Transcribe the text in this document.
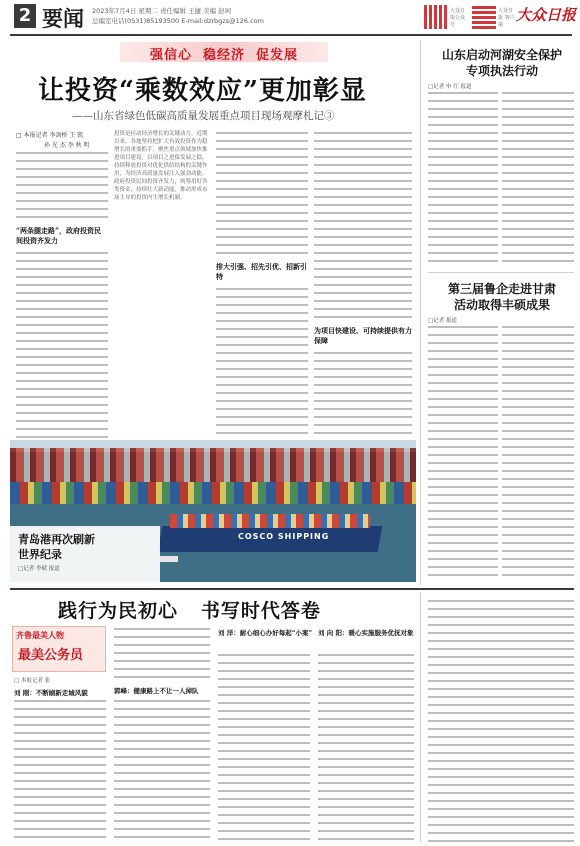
2 要闻 2023年7月4日 星期二 责任编辑 王捷 美编 赵珂
总编室电话(0531)85193500 E-mail:dzrbgzs@126.com
大众日报公众号
大众日报 客户端
大众日报
强信心  稳经济  促发展
让投资“乘数效应”更加彰显
——山东省绿色低碳高质量发展重点项目现场观摩札记③
□ 本报记者 李剑桥 王 凯
孙 光 杰 李 秋 明
“两条腿走路”，政府投资民间投资齐发力
投资是拉动经济增长的关键动力，近期以来，各地坚持把扩大有效投资作为稳增长的重要抓手，聚焦重点领域加快推进项目建设，以项目之进保发展之稳，持续释放投资对优化供给结构的关键作用，为经济高质量发展注入强劲动能。政府投资民间投资齐发力，统筹用好各类资金，持续壮大新动能，推动形成市场主导的投资内生增长机制。
排大引强、招先引优、招新引特
为项目快建设、可持续提供有力保障
COSCO SHIPPING
青岛港再次刷新世界纪录
□记者 李斌 报道
山东启动河湖安全保护
专项执法行动
□记者 申 红 报道
第三届鲁企走进甘肃
活动取得丰硕成果
□记者 报道
践行为民初心   书写时代答卷
齐鲁最美人物
最美公务员
□ 本报记者 张
刘 刚：不断刷新走城风貌	郭峰：健康路上不让一人掉队
刘 洋：耐心细心办好每起“小案” 刘 向 阳：暖心实施服务优抚对象
